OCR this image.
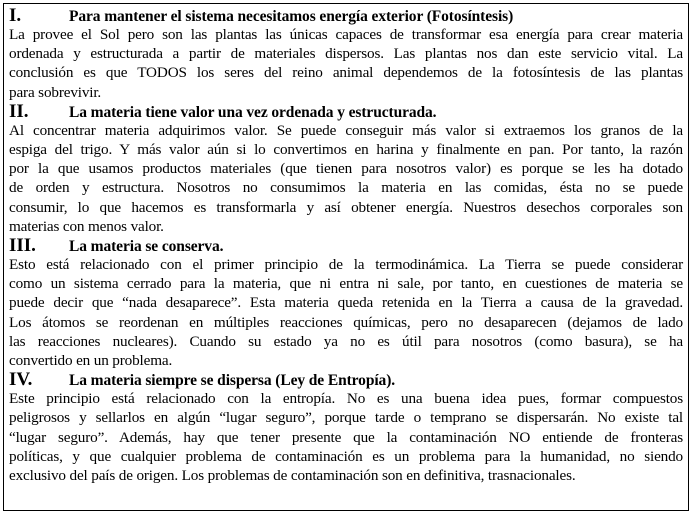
I.	Para mantener el sistema necesitamos energía exterior (Fotosíntesis)
La provee el Sol pero son las plantas las únicas capaces de transformar esa energía para crear materia
ordenada y estructurada a partir de materiales dispersos. Las plantas nos dan este servicio vital. La
conclusión es que TODOS los seres del reino animal dependemos de la fotosíntesis de las plantas
para sobrevivir.
II.	La materia tiene valor una vez ordenada y estructurada.
Al concentrar materia adquirimos valor. Se puede conseguir más valor si extraemos los granos de la
espiga del trigo. Y más valor aún si lo convertimos en harina y finalmente en pan. Por tanto, la razón
por la que usamos productos materiales (que tienen para nosotros valor) es porque se les ha dotado
de orden y estructura. Nosotros no consumimos la materia en las comidas, ésta no se puede
consumir, lo que hacemos es transformarla y así obtener energía. Nuestros desechos corporales son
materias con menos valor.
III.	La materia se conserva.
Esto está relacionado con el primer principio de la termodinámica. La Tierra se puede considerar
como un sistema cerrado para la materia, que ni entra ni sale, por tanto, en cuestiones de materia se
puede decir que “nada desaparece”. Esta materia queda retenida en la Tierra a causa de la gravedad.
Los átomos se reordenan en múltiples reacciones químicas, pero no desaparecen (dejamos de lado
las reacciones nucleares). Cuando su estado ya no es útil para nosotros (como basura), se ha
convertido en un problema.
IV.	La materia siempre se dispersa (Ley de Entropía).
Este principio está relacionado con la entropía. No es una buena idea pues, formar compuestos
peligrosos y sellarlos en algún “lugar seguro”, porque tarde o temprano se dispersarán. No existe tal
“lugar seguro”. Además, hay que tener presente que la contaminación NO entiende de fronteras
políticas, y que cualquier problema de contaminación es un problema para la humanidad, no siendo
exclusivo del país de origen. Los problemas de contaminación son en definitiva, trasnacionales.
